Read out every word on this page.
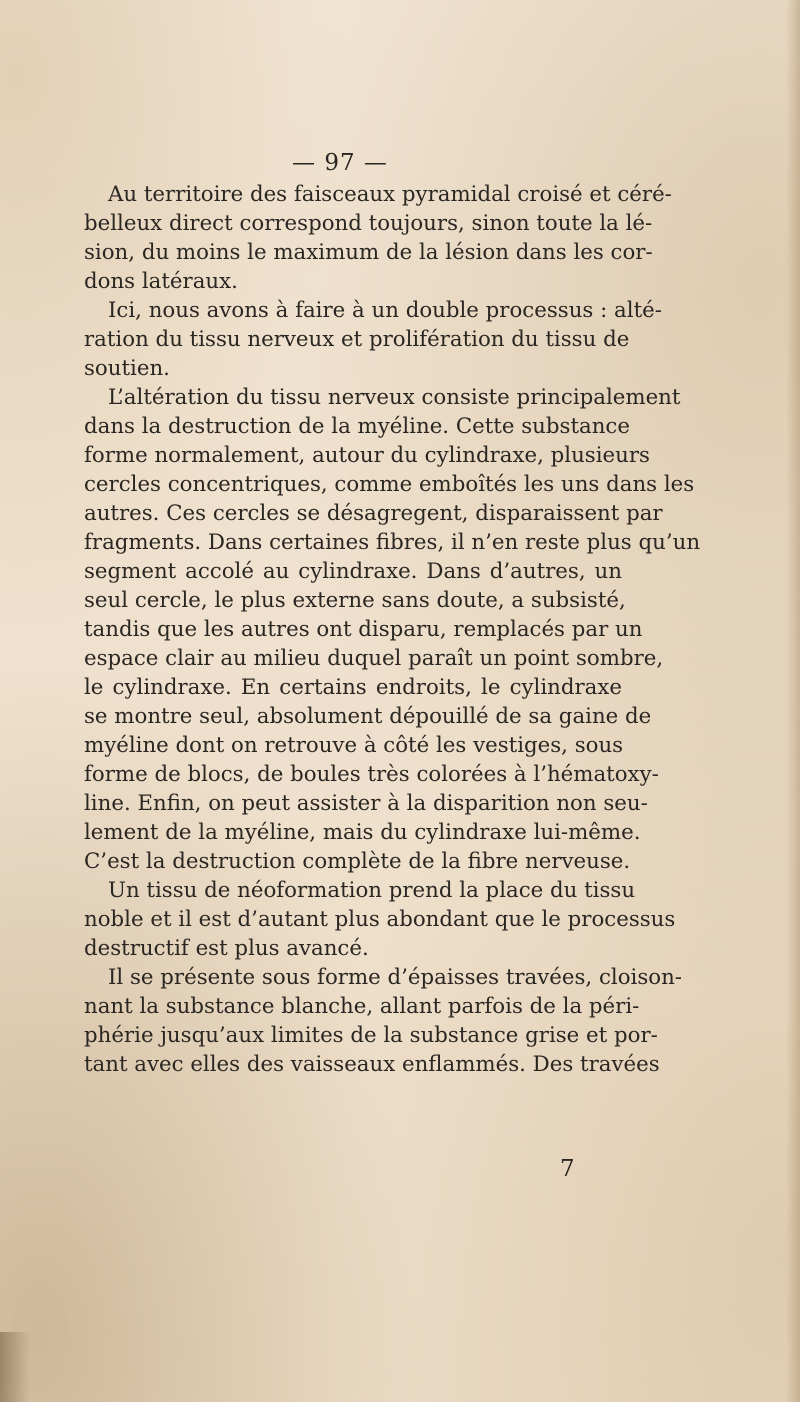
— 97 —
Au territoire des faisceaux pyramidal croisé et céré-
belleux direct correspond toujours, sinon toute la lé-
sion, du moins le maximum de la lésion dans les cor-
dons latéraux.
Ici, nous avons à faire à un double processus : alté-
ration du tissu nerveux et prolifération du tissu de
soutien.
L’altération du tissu nerveux consiste principalement
dans la destruction de la myéline. Cette substance
forme normalement, autour du cylindraxe, plusieurs
cercles concentriques, comme emboîtés les uns dans les
autres. Ces cercles se désagregent, disparaissent par
fragments. Dans certaines fibres, il n’en reste plus qu’un
segment accolé au cylindraxe. Dans d’autres, un
seul cercle, le plus externe sans doute, a subsisté,
tandis que les autres ont disparu, remplacés par un
espace clair au milieu duquel paraît un point sombre,
le cylindraxe. En certains endroits, le cylindraxe
se montre seul, absolument dépouillé de sa gaine de
myéline dont on retrouve à côté les vestiges, sous
forme de blocs, de boules très colorées à l’hématoxy-
line. Enfin, on peut assister à la disparition non seu-
lement de la myéline, mais du cylindraxe lui-même.
C’est la destruction complète de la fibre nerveuse.
Un tissu de néoformation prend la place du tissu
noble et il est d’autant plus abondant que le processus
destructif est plus avancé.
Il se présente sous forme d’épaisses travées, cloison-
nant la substance blanche, allant parfois de la péri-
phérie jusqu’aux limites de la substance grise et por-
tant avec elles des vaisseaux enflammés. Des travées
7
